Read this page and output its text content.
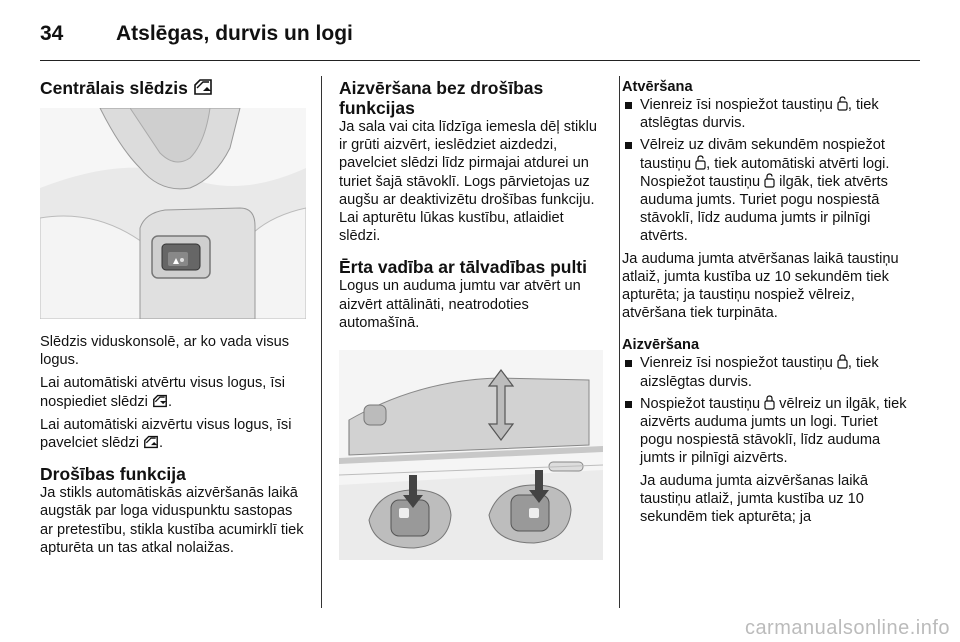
34	Atslēgas, durvis un logi
Centrālais slēdzis

Slēdzis viduskonsolē, ar ko vada visus logus.

Lai automātiski atvērtu visus logus, īsi nospiediet slēdzi .

Lai automātiski aizvērtu visus logus, īsi pavelciet slēdzi .

Drošības funkcija

Ja stikls automātiskās aizvēršanās laikā augstāk par loga viduspunktu sastopas ar pretestību, stikla kustība acumirklī tiek apturēta un tas atkal nolaižas.

Aizvēršana bez drošības funkcijas

Ja sala vai cita līdzīga iemesla dēļ stiklu ir grūti aizvērt, ieslēdziet aizdedzi, pavelciet slēdzi līdz pirmajai atdurei un turiet šajā stāvoklī. Logs pārvietojas uz augšu ar deaktivizētu drošības funkciju. Lai apturētu lūkas kustību, atlaidiet slēdzi.

Ērta vadība ar tālvadības pulti

Logus un auduma jumtu var atvērt un aizvērt attālināti, neatrodoties automašīnā.

Atvēršana
Vienreiz īsi nospiežot taustiņu , tiek atslēgtas durvis.
Vēlreiz uz divām sekundēm nospiežot taustiņu , tiek automātiski atvērti logi. Nospiežot taustiņu  ilgāk, tiek atvērts auduma jumts. Turiet pogu nospiestā stāvoklī, līdz auduma jumts ir pilnīgi atvērts.

Ja auduma jumta atvēršanas laikā taustiņu atlaiž, jumta kustība uz 10 sekundēm tiek apturēta; ja taustiņu nospiež vēlreiz, atvēršana tiek turpināta.

Aizvēršana
Vienreiz īsi nospiežot taustiņu , tiek aizslēgtas durvis.
Nospiežot taustiņu  vēlreiz un ilgāk, tiek aizvērts auduma jumts un logi. Turiet pogu nospiestā stāvoklī, līdz auduma jumts ir pilnīgi aizvērts.

Ja auduma jumta aizvēršanas laikā taustiņu atlaiž, jumta kustība uz 10 sekundēm tiek apturēta; ja

carmanualsonline.info
